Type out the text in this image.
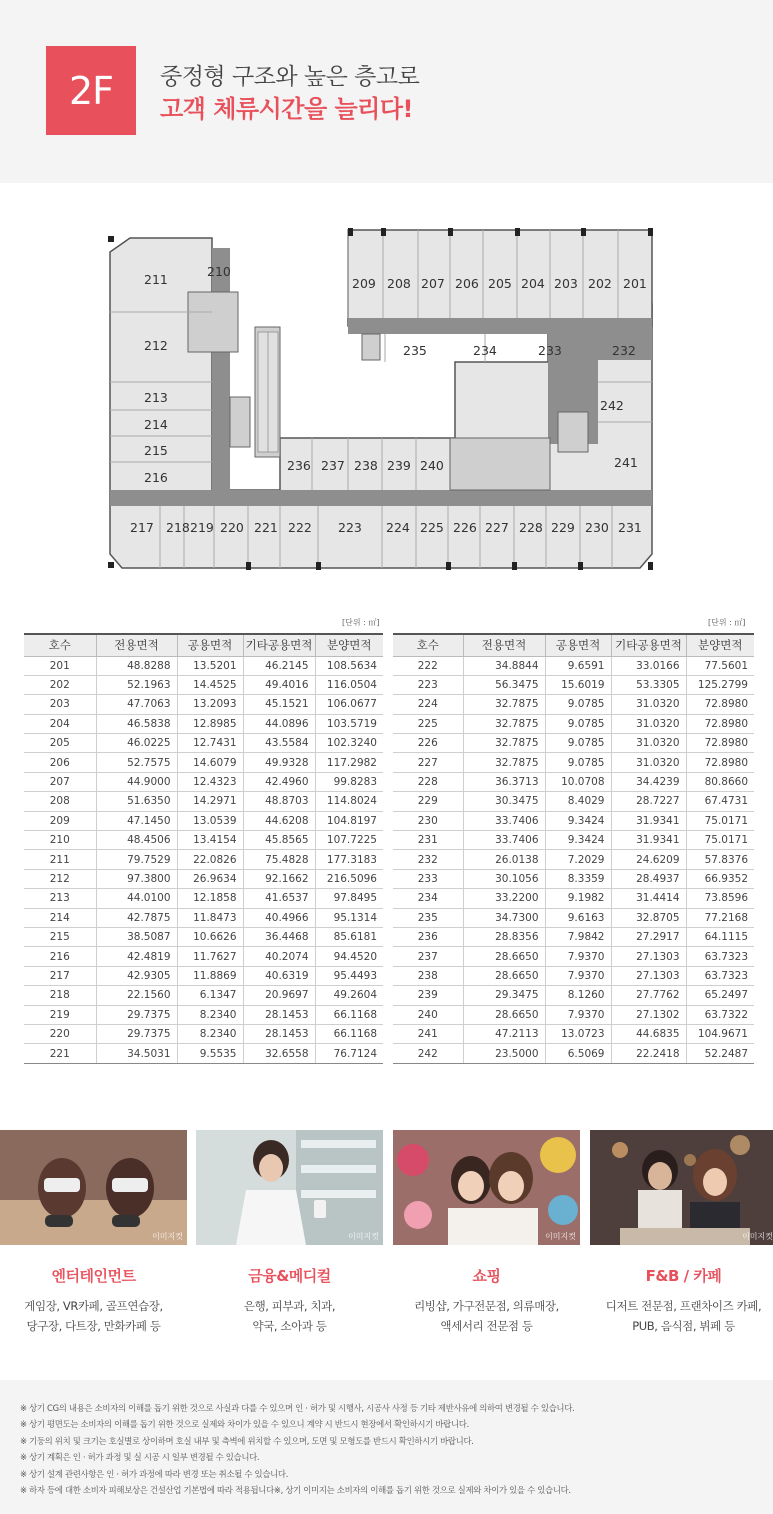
2F	중정형 구조와 높은 층고로
고객 체류시간을 늘리다!
211
210
212
213
214
215
216
209 208 207 206 205 204 203 202 201
235	234	233	232
242
241
236 237 238 239 240
217 218 219 220 221 222 223 224 225 226 227 228 229 230 231
[단위 : ㎡]	[단위 : ㎡]
호수	전용면적	공용면적	기타공용면적	분양면적
201	48.8288	13.5201	46.2145	108.5634
202	52.1963	14.4525	49.4016	116.0504
203	47.7063	13.2093	45.1521	106.0677
204	46.5838	12.8985	44.0896	103.5719
205	46.0225	12.7431	43.5584	102.3240
206	52.7575	14.6079	49.9328	117.2982
207	44.9000	12.4323	42.4960	99.8283
208	51.6350	14.2971	48.8703	114.8024
209	47.1450	13.0539	44.6208	104.8197
210	48.4506	13.4154	45.8565	107.7225
211	79.7529	22.0826	75.4828	177.3183
212	97.3800	26.9634	92.1662	216.5096
213	44.0100	12.1858	41.6537	97.8495
214	42.7875	11.8473	40.4966	95.1314
215	38.5087	10.6626	36.4468	85.6181
216	42.4819	11.7627	40.2074	94.4520
217	42.9305	11.8869	40.6319	95.4493
218	22.1560	6.1347	20.9697	49.2604
219	29.7375	8.2340	28.1453	66.1168
220	29.7375	8.2340	28.1453	66.1168
221	34.5031	9.5535	32.6558	76.7124
호수	전용면적	공용면적	기타공용면적	분양면적
222	34.8844	9.6591	33.0166	77.5601
223	56.3475	15.6019	53.3305	125.2799
224	32.7875	9.0785	31.0320	72.8980
225	32.7875	9.0785	31.0320	72.8980
226	32.7875	9.0785	31.0320	72.8980
227	32.7875	9.0785	31.0320	72.8980
228	36.3713	10.0708	34.4239	80.8660
229	30.3475	8.4029	28.7227	67.4731
230	33.7406	9.3424	31.9341	75.0171
231	33.7406	9.3424	31.9341	75.0171
232	26.0138	7.2029	24.6209	57.8376
233	30.1056	8.3359	28.4937	66.9352
234	33.2200	9.1982	31.4414	73.8596
235	34.7300	9.6163	32.8705	77.2168
236	28.8356	7.9842	27.2917	64.1115
237	28.6650	7.9370	27.1303	63.7323
238	28.6650	7.9370	27.1303	63.7323
239	29.3475	8.1260	27.7762	65.2497
240	28.6650	7.9370	27.1302	63.7322
241	47.2113	13.0723	44.6835	104.9671
242	23.5000	6.5069	22.2418	52.2487
이미지컷
엔터테인먼트
게임장, VR카페, 골프연습장,
당구장, 다트장, 만화카페 등
이미지컷
금융&메디컬
은행, 피부과, 치과,
약국, 소아과 등
이미지컷
쇼핑
리빙샵, 가구전문점, 의류매장,
액세서리 전문점 등
이미지컷
F&B / 카페
디저트 전문점, 프랜차이즈 카페,
PUB, 음식점, 뷔페 등

※ 상기 CG의 내용은 소비자의 이해를 돕기 위한 것으로 사실과 다를 수 있으며 인 · 허가 및 시행사, 시공사 사정 등 기타 제반사유에 의하여 변경될 수 있습니다.

※ 상기 평면도는 소비자의 이해를 돕기 위한 것으로 실제와 차이가 있을 수 있으니 계약 시 반드시 현장에서 확인하시기 바랍니다.

※ 기둥의 위치 및 크기는 호실별로 상이하며 호실 내부 및 측벽에 위치할 수 있으며, 도면 및 모형도를 반드시 확인하시기 바랍니다.

※ 상기 계획은 인 · 허가 과정 및 실 시공 시 일부 변경될 수 있습니다.

※ 상기 설계 관련사항은 인 · 허가 과정에 따라 변경 또는 취소될 수 있습니다.

※ 하자 등에 대한 소비자 피해보상은 건설산업 기본법에 따라 적용됩니다※, 상기 이미지는 소비자의 이해를 돕기 위한 것으로 실제와 차이가 있을 수 있습니다.
